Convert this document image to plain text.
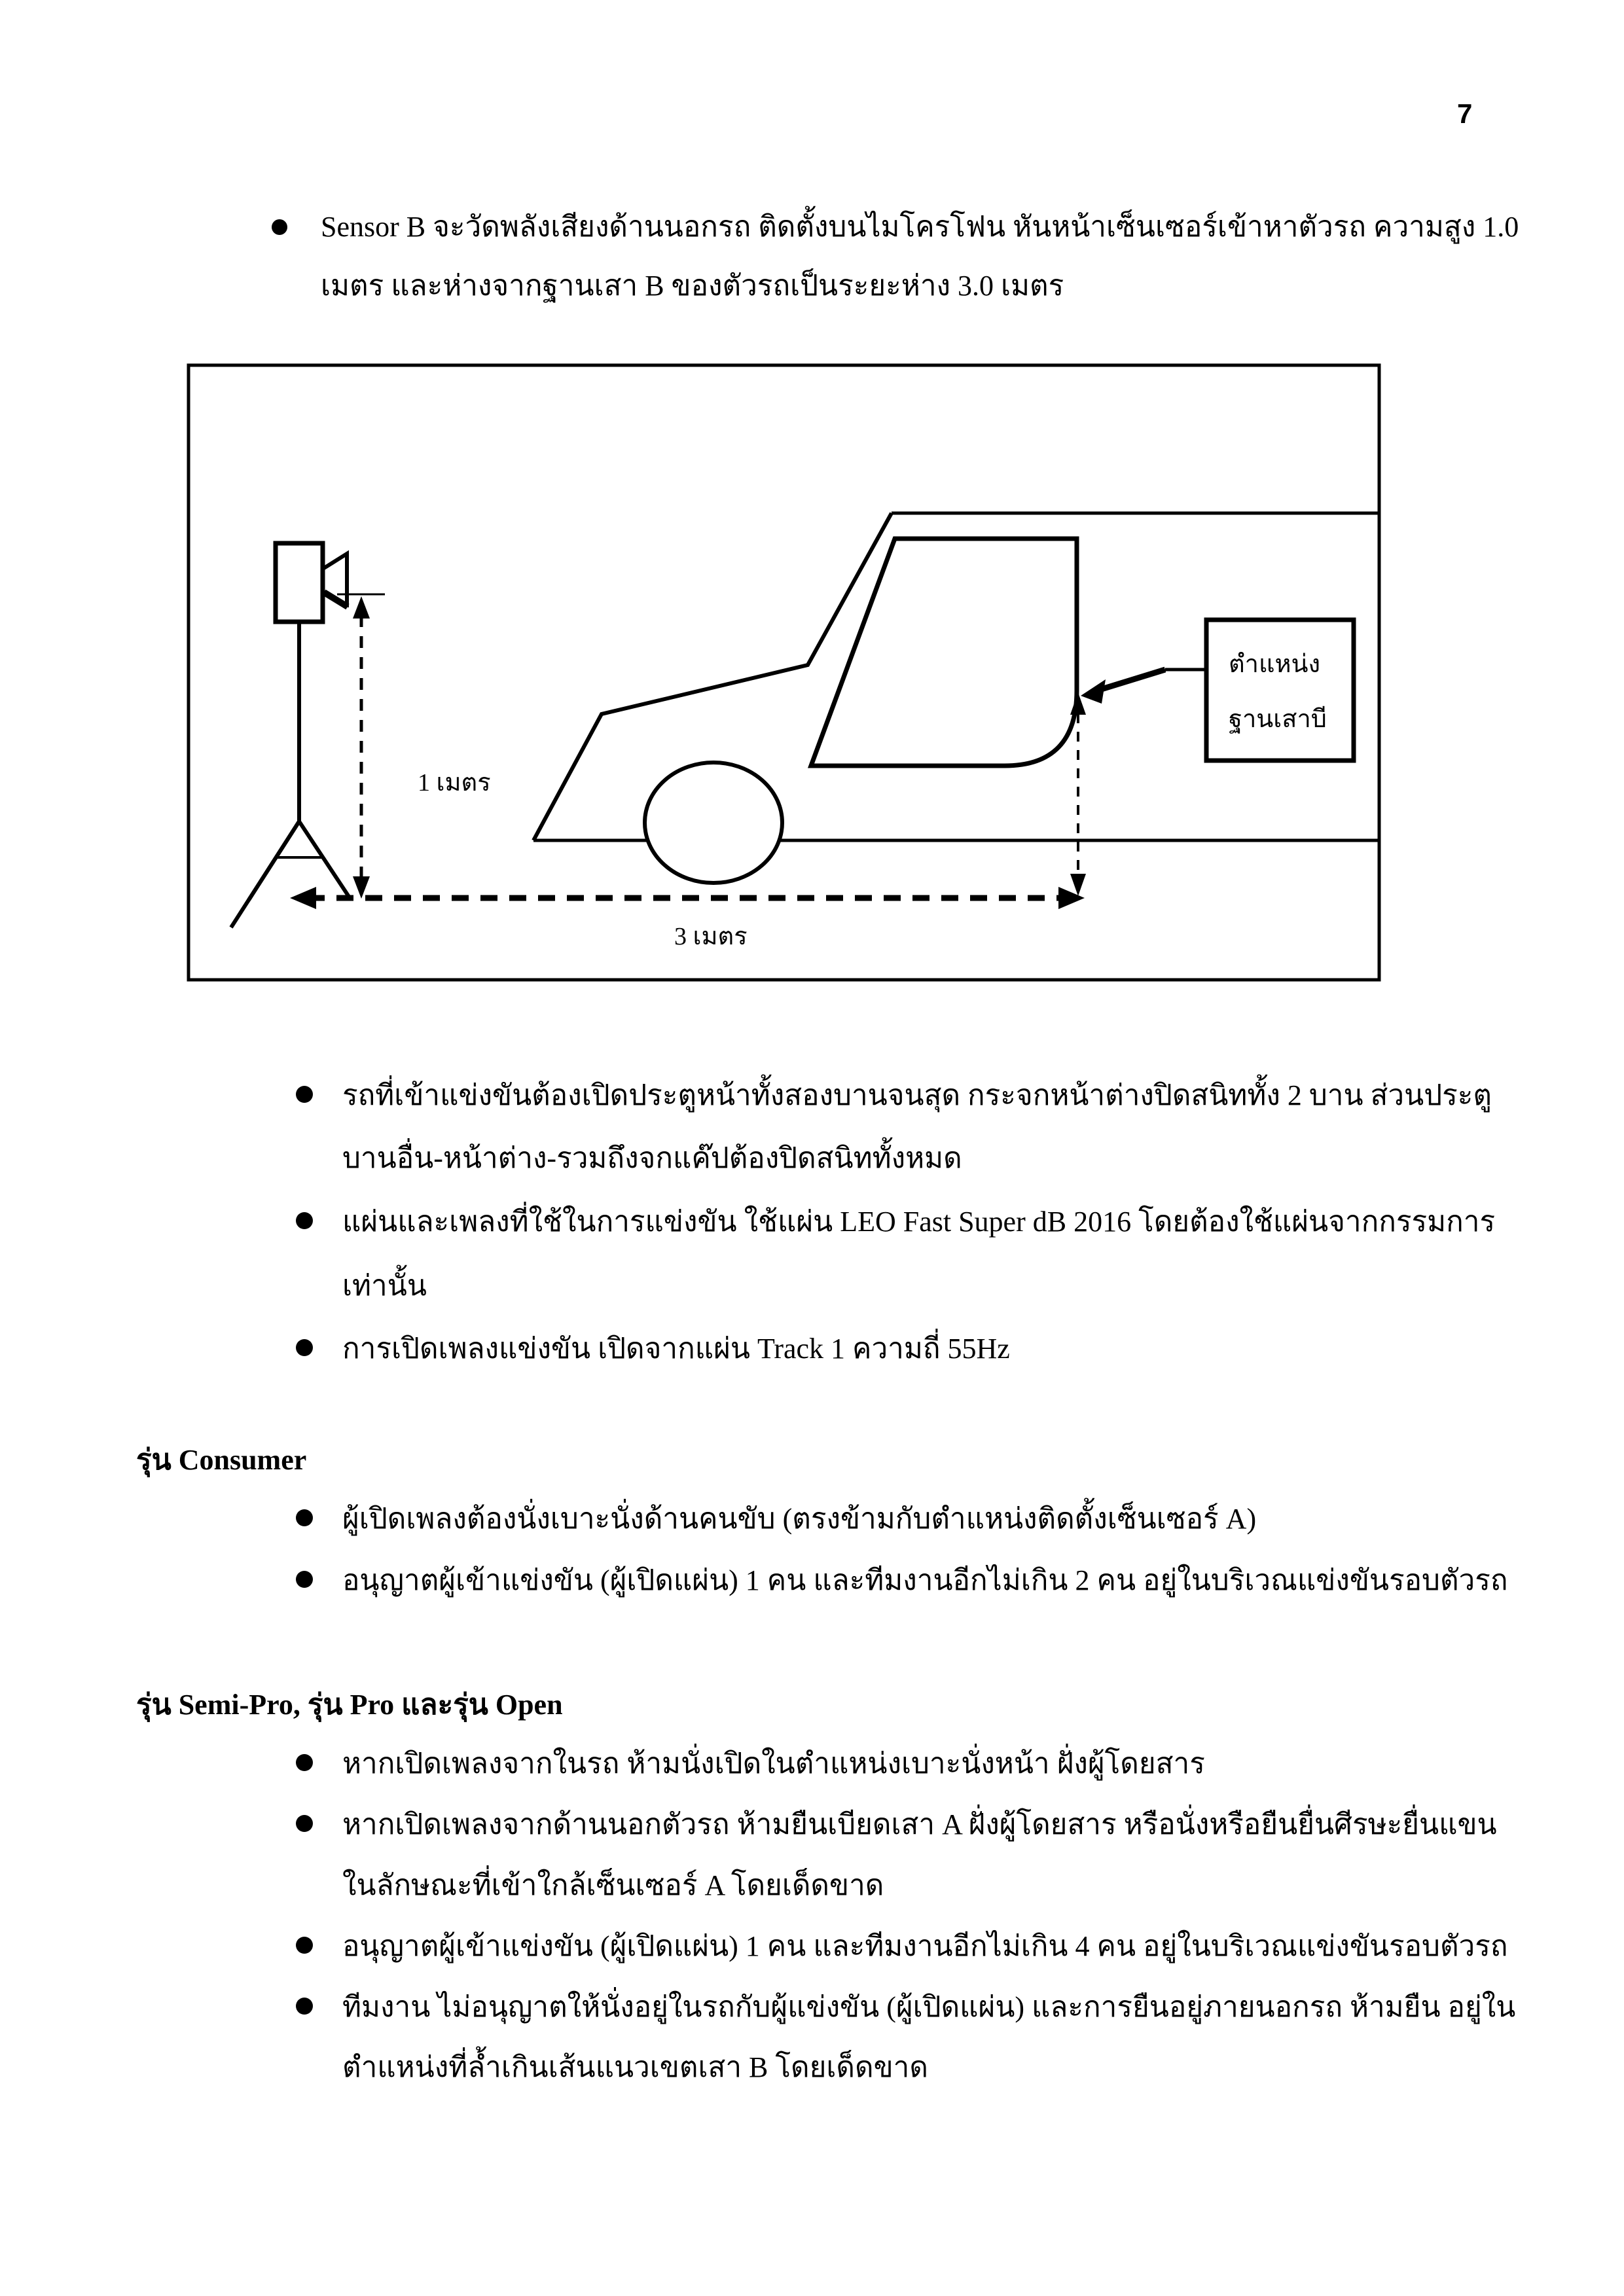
7
Sensor B จะวัดพลังเสียงด้านนอกรถ ติดตั้งบนไมโครโฟน หันหน้าเซ็นเซอร์เข้าหาตัวรถ ความสูง 1.0
เมตร และห่างจากฐานเสา B ของตัวรถเป็นระยะห่าง 3.0 เมตร
1 เมตร
3 เมตร
ตำแหน่ง
ฐานเสาบี
รถที่เข้าแข่งขันต้องเปิดประตูหน้าทั้งสองบานจนสุด กระจกหน้าต่างปิดสนิททั้ง 2 บาน ส่วนประตู
บานอื่น-หน้าต่าง-รวมถึงจกแค๊ปต้องปิดสนิททั้งหมด
แผ่นและเพลงที่ใช้ในการแข่งขัน ใช้แผ่น LEO Fast Super dB 2016 โดยต้องใช้แผ่นจากกรรมการ
เท่านั้น
การเปิดเพลงแข่งขัน เปิดจากแผ่น Track 1 ความถี่ 55Hz
รุ่น Consumer
ผู้เปิดเพลงต้องนั่งเบาะนั่งด้านคนขับ (ตรงข้ามกับตำแหน่งติดตั้งเซ็นเซอร์ A)
อนุญาตผู้เข้าแข่งขัน (ผู้เปิดแผ่น) 1 คน และทีมงานอีกไม่เกิน 2 คน อยู่ในบริเวณแข่งขันรอบตัวรถ
รุ่น Semi-Pro, รุ่น Pro และรุ่น Open
หากเปิดเพลงจากในรถ ห้ามนั่งเปิดในตำแหน่งเบาะนั่งหน้า ฝั่งผู้โดยสาร
หากเปิดเพลงจากด้านนอกตัวรถ ห้ามยืนเบียดเสา A ฝั่งผู้โดยสาร หรือนั่งหรือยืนยื่นศีรษะยื่นแขน
ในลักษณะที่เข้าใกล้เซ็นเซอร์ A โดยเด็ดขาด
อนุญาตผู้เข้าแข่งขัน (ผู้เปิดแผ่น) 1 คน และทีมงานอีกไม่เกิน 4 คน อยู่ในบริเวณแข่งขันรอบตัวรถ
ทีมงาน ไม่อนุญาตให้นั่งอยู่ในรถกับผู้แข่งขัน (ผู้เปิดแผ่น) และการยืนอยู่ภายนอกรถ ห้ามยืน อยู่ใน
ตำแหน่งที่ล้ำเกินเส้นแนวเขตเสา B โดยเด็ดขาด
